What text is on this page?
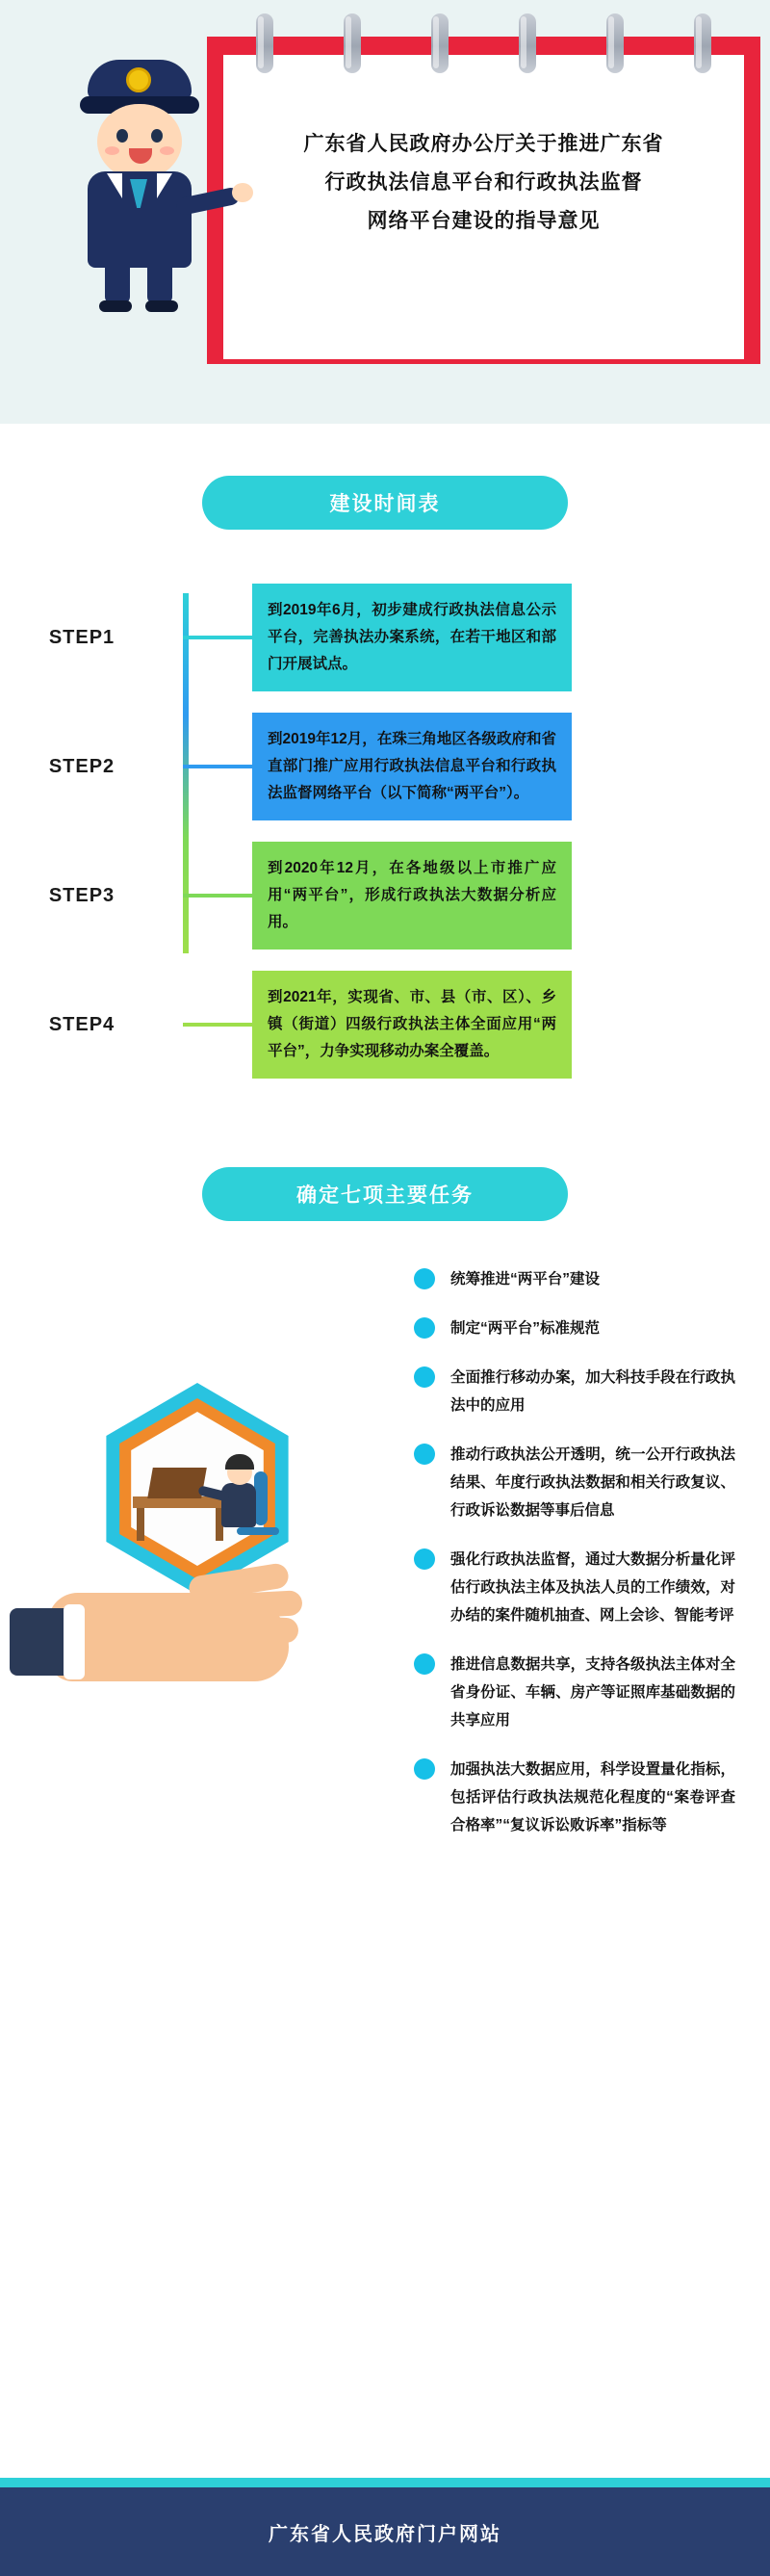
广东省人民政府办公厅关于推进广东省
行政执法信息平台和行政执法监督
网络平台建设的指导意见
建设时间表
STEP1
到2019年6月，初步建成行政执法信息公示平台，完善执法办案系统，在若干地区和部门开展试点。
STEP2
到2019年12月，在珠三角地区各级政府和省直部门推广应用行政执法信息平台和行政执法监督网络平台（以下简称“两平台”）。
STEP3
到2020年12月，在各地级以上市推广应用“两平台”，形成行政执法大数据分析应用。
STEP4
到2021年，实现省、市、县（市、区）、乡镇（街道）四级行政执法主体全面应用“两平台”，力争实现移动办案全覆盖。
确定七项主要任务
统筹推进“两平台”建设
制定“两平台”标准规范
全面推行移动办案，加大科技手段在行政执法中的应用
推动行政执法公开透明，统一公开行政执法结果、年度行政执法数据和相关行政复议、行政诉讼数据等事后信息
强化行政执法监督，通过大数据分析量化评估行政执法主体及执法人员的工作绩效，对办结的案件随机抽查、网上会诊、智能考评
推进信息数据共享，支持各级执法主体对全省身份证、车辆、房产等证照库基础数据的共享应用
加强执法大数据应用，科学设置量化指标，包括评估行政执法规范化程度的“案卷评查合格率”“复议诉讼败诉率”指标等
广东省人民政府门户网站
